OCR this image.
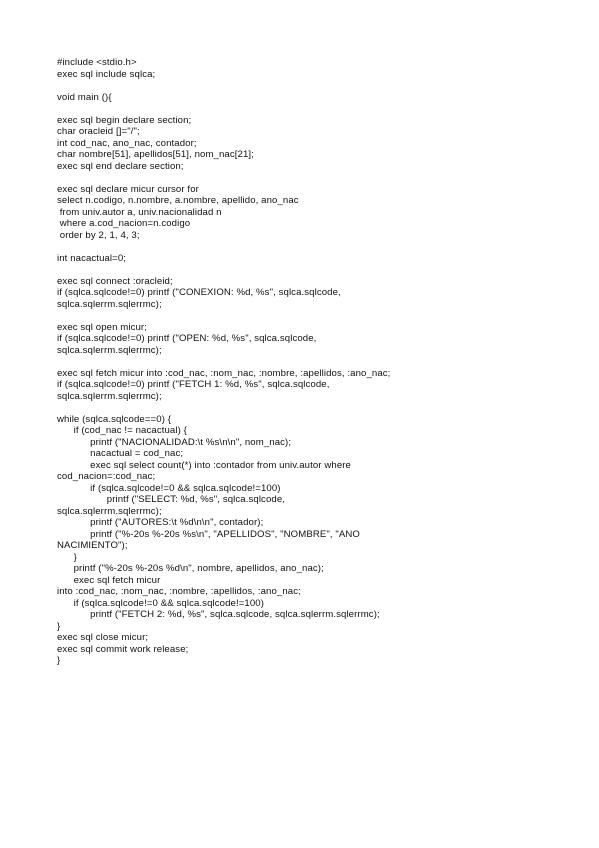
#include <stdio.h>
exec sql include sqlca;

void main (){

exec sql begin declare section;
char oracleid []="/";
int cod_nac, ano_nac, contador;
char nombre[51], apellidos[51], nom_nac[21];
exec sql end declare section;

exec sql declare micur cursor for
select n.codigo, n.nombre, a.nombre, apellido, ano_nac
from univ.autor a, univ.nacionalidad n
where a.cod_nacion=n.codigo
order by 2, 1, 4, 3;

int nacactual=0;

exec sql connect :oracleid;
if (sqlca.sqlcode!=0) printf ("CONEXION: %d, %s", sqlca.sqlcode,
sqlca.sqlerrm.sqlerrmc);

exec sql open micur;
if (sqlca.sqlcode!=0) printf ("OPEN: %d, %s", sqlca.sqlcode,
sqlca.sqlerrm.sqlerrmc);

exec sql fetch micur into :cod_nac, :nom_nac, :nombre, :apellidos, :ano_nac;
if (sqlca.sqlcode!=0) printf ("FETCH 1: %d, %s", sqlca.sqlcode,
sqlca.sqlerrm.sqlerrmc);

while (sqlca.sqlcode==0) {
if (cod_nac != nacactual) {
printf ("NACIONALIDAD:\t %s\n\n", nom_nac);
nacactual = cod_nac;
exec sql select count(*) into :contador from univ.autor where
cod_nacion=:cod_nac;
if (sqlca.sqlcode!=0 && sqlca.sqlcode!=100)
printf ("SELECT: %d, %s", sqlca.sqlcode,
sqlca.sqlerrm.sqlerrmc);
printf ("AUTORES:\t %d\n\n", contador);
printf ("%-20s %-20s %s\n", "APELLIDOS", "NOMBRE", "ANO
NACIMIENTO");
}
printf ("%-20s %-20s %d\n", nombre, apellidos, ano_nac);
exec sql fetch micur
into :cod_nac, :nom_nac, :nombre, :apellidos, :ano_nac;
if (sqlca.sqlcode!=0 && sqlca.sqlcode!=100)
printf ("FETCH 2: %d, %s", sqlca.sqlcode, sqlca.sqlerrm.sqlerrmc);
}
exec sql close micur;
exec sql commit work release;
}
